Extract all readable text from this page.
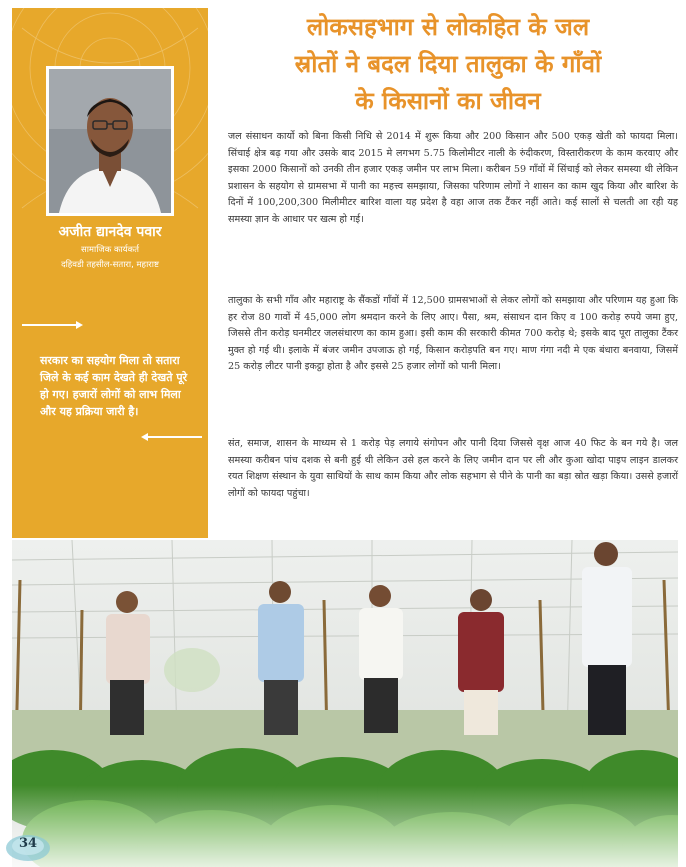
अजीत द्यानदेव पवार
सामाजिक कार्यकर्त
दहिवडी तहसील-सतारा, महाराष्ट
सरकार का सहयोग मिला तो सतारा जिले के कई काम देखते ही देखते पूरे हो गए। हजारों लोगों को लाभ मिला और यह प्रक्रिया जारी है।
लोकसहभाग से लोकहित के जल
स्रोतों ने बदल दिया तालुका के गाँवों
के किसानों का जीवन

जल संसाधन कार्यो को बिना किसी निधि से 2014 में शुरू किया और 200 किसान और 500 एकड़ खेती को फायदा मिला। सिंचाई क्षेत्र बढ़ गया और उसके बाद 2015 मे लगभग 5.75 किलोमीटर नाली के रुंदीकरण, विस्तारीकरण के काम करवाए और इसका 2000 किसानों को उनकी तीन हजार एकड़ जमीन पर लाभ मिला। करीबन 59 गाँवों में सिंचाई को लेकर समस्या थी लेकिन प्रशासन के सहयोग से ग्रामसभा में पानी का महत्त्व समझाया, जिसका परिणाम लोगों ने शासन का काम खुद किया और बारिश के दिनों में 100,200,300 मिलीमीटर बारिश वाला यह प्रदेश है वहा आज तक टैंकर नहीं आते। कई सालों से चलती आ रही यह समस्या ज्ञान के आधार पर खत्म हो गई।

तालुका के सभी गाँव और महाराष्ट्र के सैंकडों गाँवों में 12,500 ग्रामसभाओं से लेकर लोगों को समझाया और परिणाम यह हुआ कि हर रोज 80 गावों में 45,000 लोग श्रमदान करने के लिए आए। पैसा, श्रम, संसाधन दान किए व 100 करोड़ रुपये जमा हुए, जिससे तीन करोड़ घनमीटर जलसंधारण का काम हुआ। इसी काम की सरकारी कीमत 700 करोड़ थे; इसके बाद पूरा तालुका टैंकर मुक्त हो गई थी। इलाके में बंजर जमीन उपजाऊ हो गई, किसान करोड़पति बन गए। माण गंगा नदी मे एक बंधारा बनवाया, जिसमें 25 करोड़ लीटर पानी इकट्ठा होता है और इससे 25 हजार लोगों को पानी मिला।

संत, समाज, शासन के माध्यम से 1 करोड़ पेड़ लगाये संगोपन और पानी दिया जिससे वृक्ष आज 40 फिट के बन गये है। जल समस्या करीबन पांच दशक से बनी हुई थी लेकिन उसे हल करने के लिए जमीन दान पर ली और कुआ खोदा पाइप लाइन डालकर रयत शिक्षण संस्थान के युवा साथियों के साथ काम किया और लोक सहभाग से पीने के पानी का बड़ा स्रोत खड़ा किया। उससे हजारों लोगों को फायदा पहुंचा।

34
